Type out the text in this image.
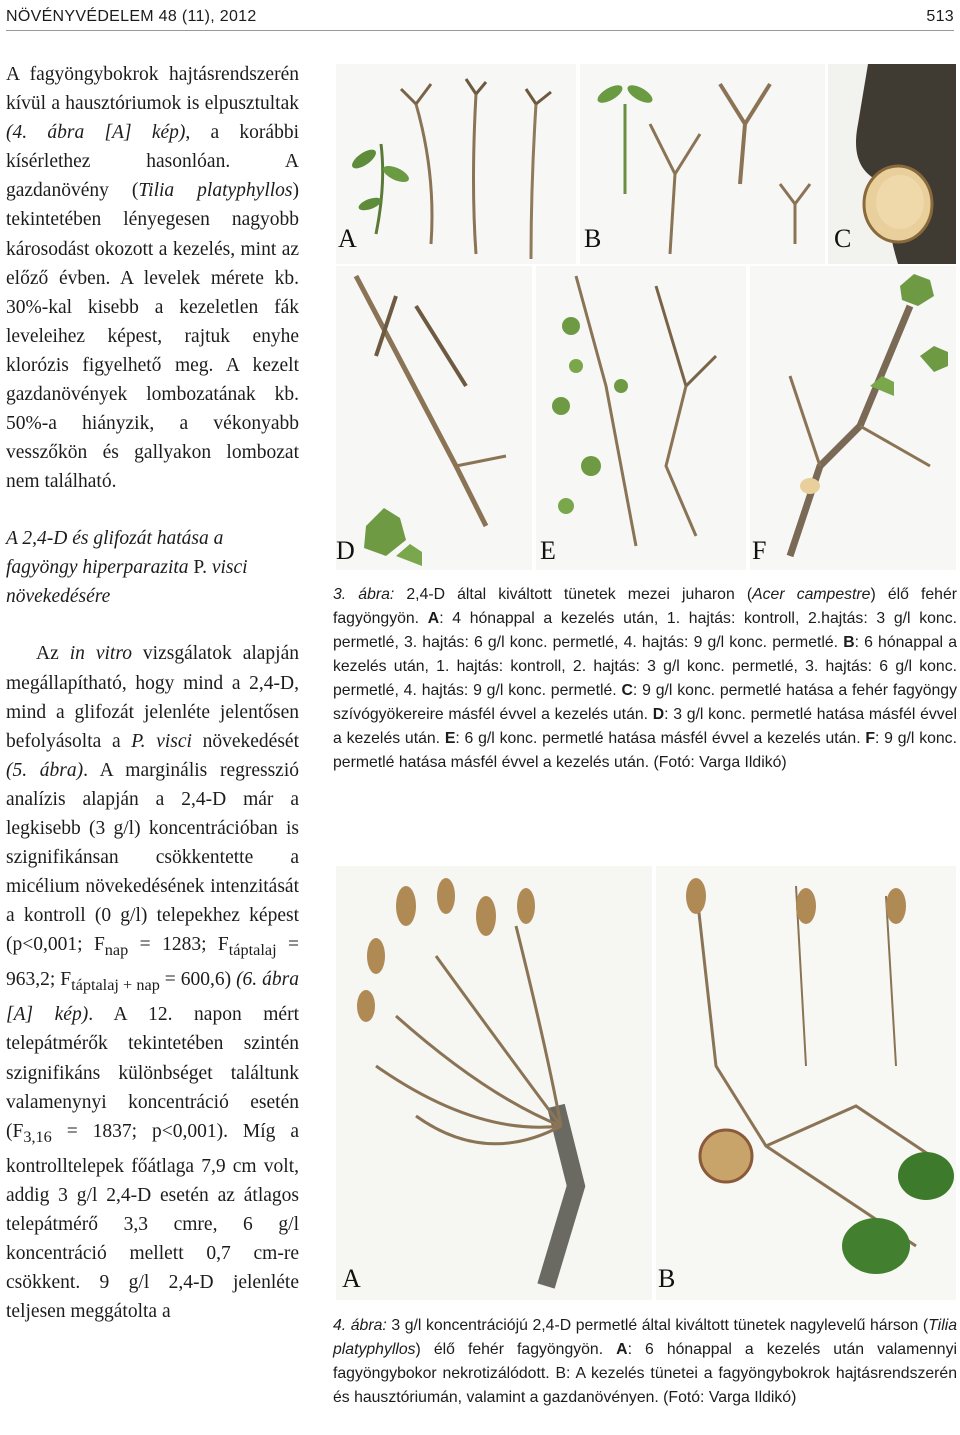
NÖVÉNYVÉDELEM 48 (11), 2012	513

A fagyöngybokrok hajtásrendszerén kívül a hausztóriumok is elpusztultak (4. ábra [A] kép), a korábbi kísérlethez hasonlóan. A gazdanövény (Tilia platyphyllos) tekintetében lényegesen nagyobb károsodást okozott a kezelés, mint az előző évben. A levelek mérete kb. 30%-kal kisebb a kezeletlen fák leveleihez képest, rajtuk enyhe klorózis figyelhető meg. A kezelt gazdanövények lombozatának kb. 50%-a hiányzik, a vékonyabb vesszőkön és gallyakon lombozat nem található.

A 2,4-D és glifozát hatása a fagyöngy hiperparazita P. visci növekedésére

Az in vitro vizsgálatok alapján megállapítható, hogy mind a 2,4-D, mind a glifozát jelenléte jelentősen befolyásolta a P. visci növekedését (5. ábra). A marginális regresszió analízis alapján a 2,4-D már a legkisebb (3 g/l) koncentrációban is szignifikánsan csökkentette a micélium növekedésének intenzitását a kontroll (0 g/l) telepekhez képest (p<0,001; $F_{nap} = 1283$; $F_{táptalaj} = 963,2$; $F_{táptalaj + nap} = 600,6$) (6. ábra [A] kép). A 12. napon mért telepátmérők tekintetében szintén szignifikáns különbséget találtunk valamenynyi koncentráció esetén ($F_{3,16} = 1837$; p<0,001). Míg a kontrolltelepek főátlaga 7,9 cm volt, addig 3 g/l 2,4-D esetén az átlagos telepátmérő 3,3 cmre, 6 g/l koncentráció mellett 0,7 cm-re csökkent. 9 g/l 2,4-D jelenléte teljesen meggátolta a

A	B	C
D	E	F

3. ábra: 2,4-D által kiváltott tünetek mezei juharon (Acer campestre) élő fehér fagyöngyön. A: 4 hónappal a kezelés után, 1. hajtás: kontroll, 2.hajtás: 3 g/l konc. permetlé, 3. hajtás: 6 g/l konc. permetlé, 4. hajtás: 9 g/l konc. permetlé. B: 6 hónappal a kezelés után, 1. hajtás: kontroll, 2. hajtás: 3 g/l konc. permetlé, 3. hajtás: 6 g/l konc. permetlé, 4. hajtás: 9 g/l konc. permetlé. C: 9 g/l konc. permetlé hatása a fehér fagyöngy szívógyökereire másfél évvel a kezelés után. D: 3 g/l konc. permetlé hatása másfél évvel a kezelés után. E: 6 g/l konc. permetlé hatása másfél évvel a kezelés után. F: 9 g/l konc. permetlé hatása másfél évvel a kezelés után. (Fotó: Varga Ildikó)

A	B

4. ábra: 3 g/l koncentrációjú 2,4-D permetlé által kiváltott tünetek nagylevelű hárson (Tilia platyphyllos) élő fehér fagyöngyön. A: 6 hónappal a kezelés után valamennyi fagyöngybokor nekrotizálódott. B: A kezelés tünetei a fagyöngybokrok hajtásrendszerén és hausztóriumán, valamint a gazdanövényen. (Fotó: Varga Ildikó)
